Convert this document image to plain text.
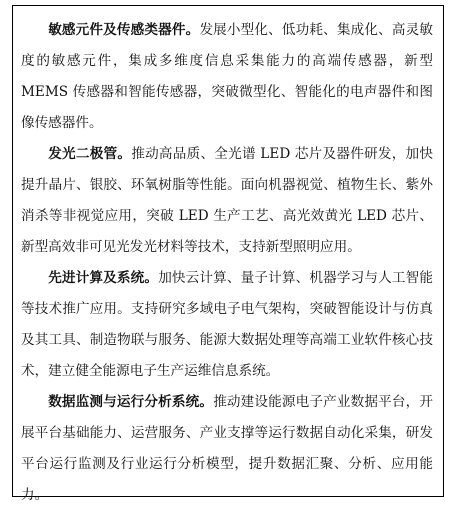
敏感元件及传感类器件。发展小型化、低功耗、集成化、高灵敏度的敏感元件，集成多维度信息采集能力的高端传感器，新型 MEMS 传感器和智能传感器，突破微型化、智能化的电声器件和图像传感器件。

发光二极管。推动高品质、全光谱 LED 芯片及器件研发，加快提升晶片、银胶、环氧树脂等性能。面向机器视觉、植物生长、紫外消杀等非视觉应用，突破 LED 生产工艺、高光效黄光 LED 芯片、新型高效非可见光发光材料等技术，支持新型照明应用。

先进计算及系统。加快云计算、量子计算、机器学习与人工智能等技术推广应用。支持研究多域电子电气架构，突破智能设计与仿真及其工具、制造物联与服务、能源大数据处理等高端工业软件核心技术，建立健全能源电子生产运维信息系统。

数据监测与运行分析系统。推动建设能源电子产业数据平台，开展平台基础能力、运营服务、产业支撑等运行数据自动化采集，研发平台运行监测及行业运行分析模型，提升数据汇聚、分析、应用能力。
